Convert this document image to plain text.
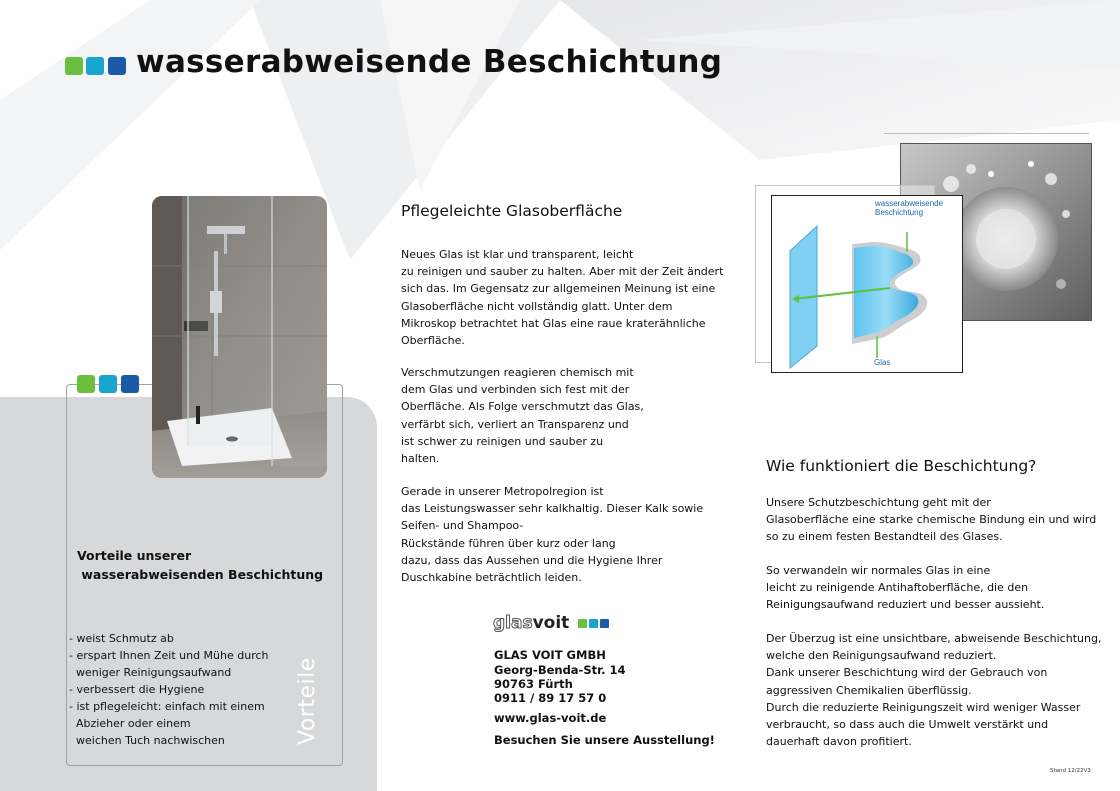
wasserabweisende Beschichtung
Vorteile unserer
wasserabweisenden Beschichtung
- weist Schmutz ab
- erspart Ihnen Zeit und Mühe durch
weniger Reinigungsaufwand
- verbessert die Hygiene
- ist pflegeleicht: einfach mit einem
Abzieher oder einem
weichen Tuch nachwischen	Vorteile
Pflegeleichte Glasoberfläche
Neues Glas ist klar und transparent, leicht
zu reinigen und sauber zu halten. Aber mit der Zeit ändert
sich das. Im Gegensatz zur allgemeinen Meinung ist eine
Glasoberfläche nicht vollständig glatt. Unter dem
Mikroskop betrachtet hat Glas eine raue kraterähnliche
Oberfläche.
Verschmutzungen reagieren chemisch mit
dem Glas und verbinden sich fest mit der
Oberfläche. Als Folge verschmutzt das Glas,
verfärbt sich, verliert an Transparenz und
ist schwer zu reinigen und sauber zu
halten.
Gerade in unserer Metropolregion ist
das Leistungswasser sehr kalkhaltig. Dieser Kalk sowie
Seifen- und Shampoo-
Rückstände führen über kurz oder lang
dazu, dass das Aussehen und die Hygiene Ihrer
Duschkabine beträchtlich leiden.
glasvoit
GLAS VOIT GMBH
Georg-Benda-Str. 14
90763 Fürth
0911 / 89 17 57 0
www.glas-voit.de
Besuchen Sie unsere Ausstellung!
wasserabweisende
Beschichtung
Glas
Wie funktioniert die Beschichtung?
Unsere Schutzbeschichtung geht mit der
Glasoberfläche eine starke chemische Bindung ein und wird
so zu einem festen Bestandteil des Glases.
So verwandeln wir normales Glas in eine
leicht zu reinigende Antihaftoberfläche, die den
Reinigungsaufwand reduziert und besser aussieht.
Der Überzug ist eine unsichtbare, abweisende Beschichtung,
welche den Reinigungsaufwand reduziert.
Dank unserer Beschichtung wird der Gebrauch von
aggressiven Chemikalien überflüssig.
Durch die reduzierte Reinigungszeit wird weniger Wasser
verbraucht, so dass auch die Umwelt verstärkt und
dauerhaft davon profitiert.
Stand 12/22V3
